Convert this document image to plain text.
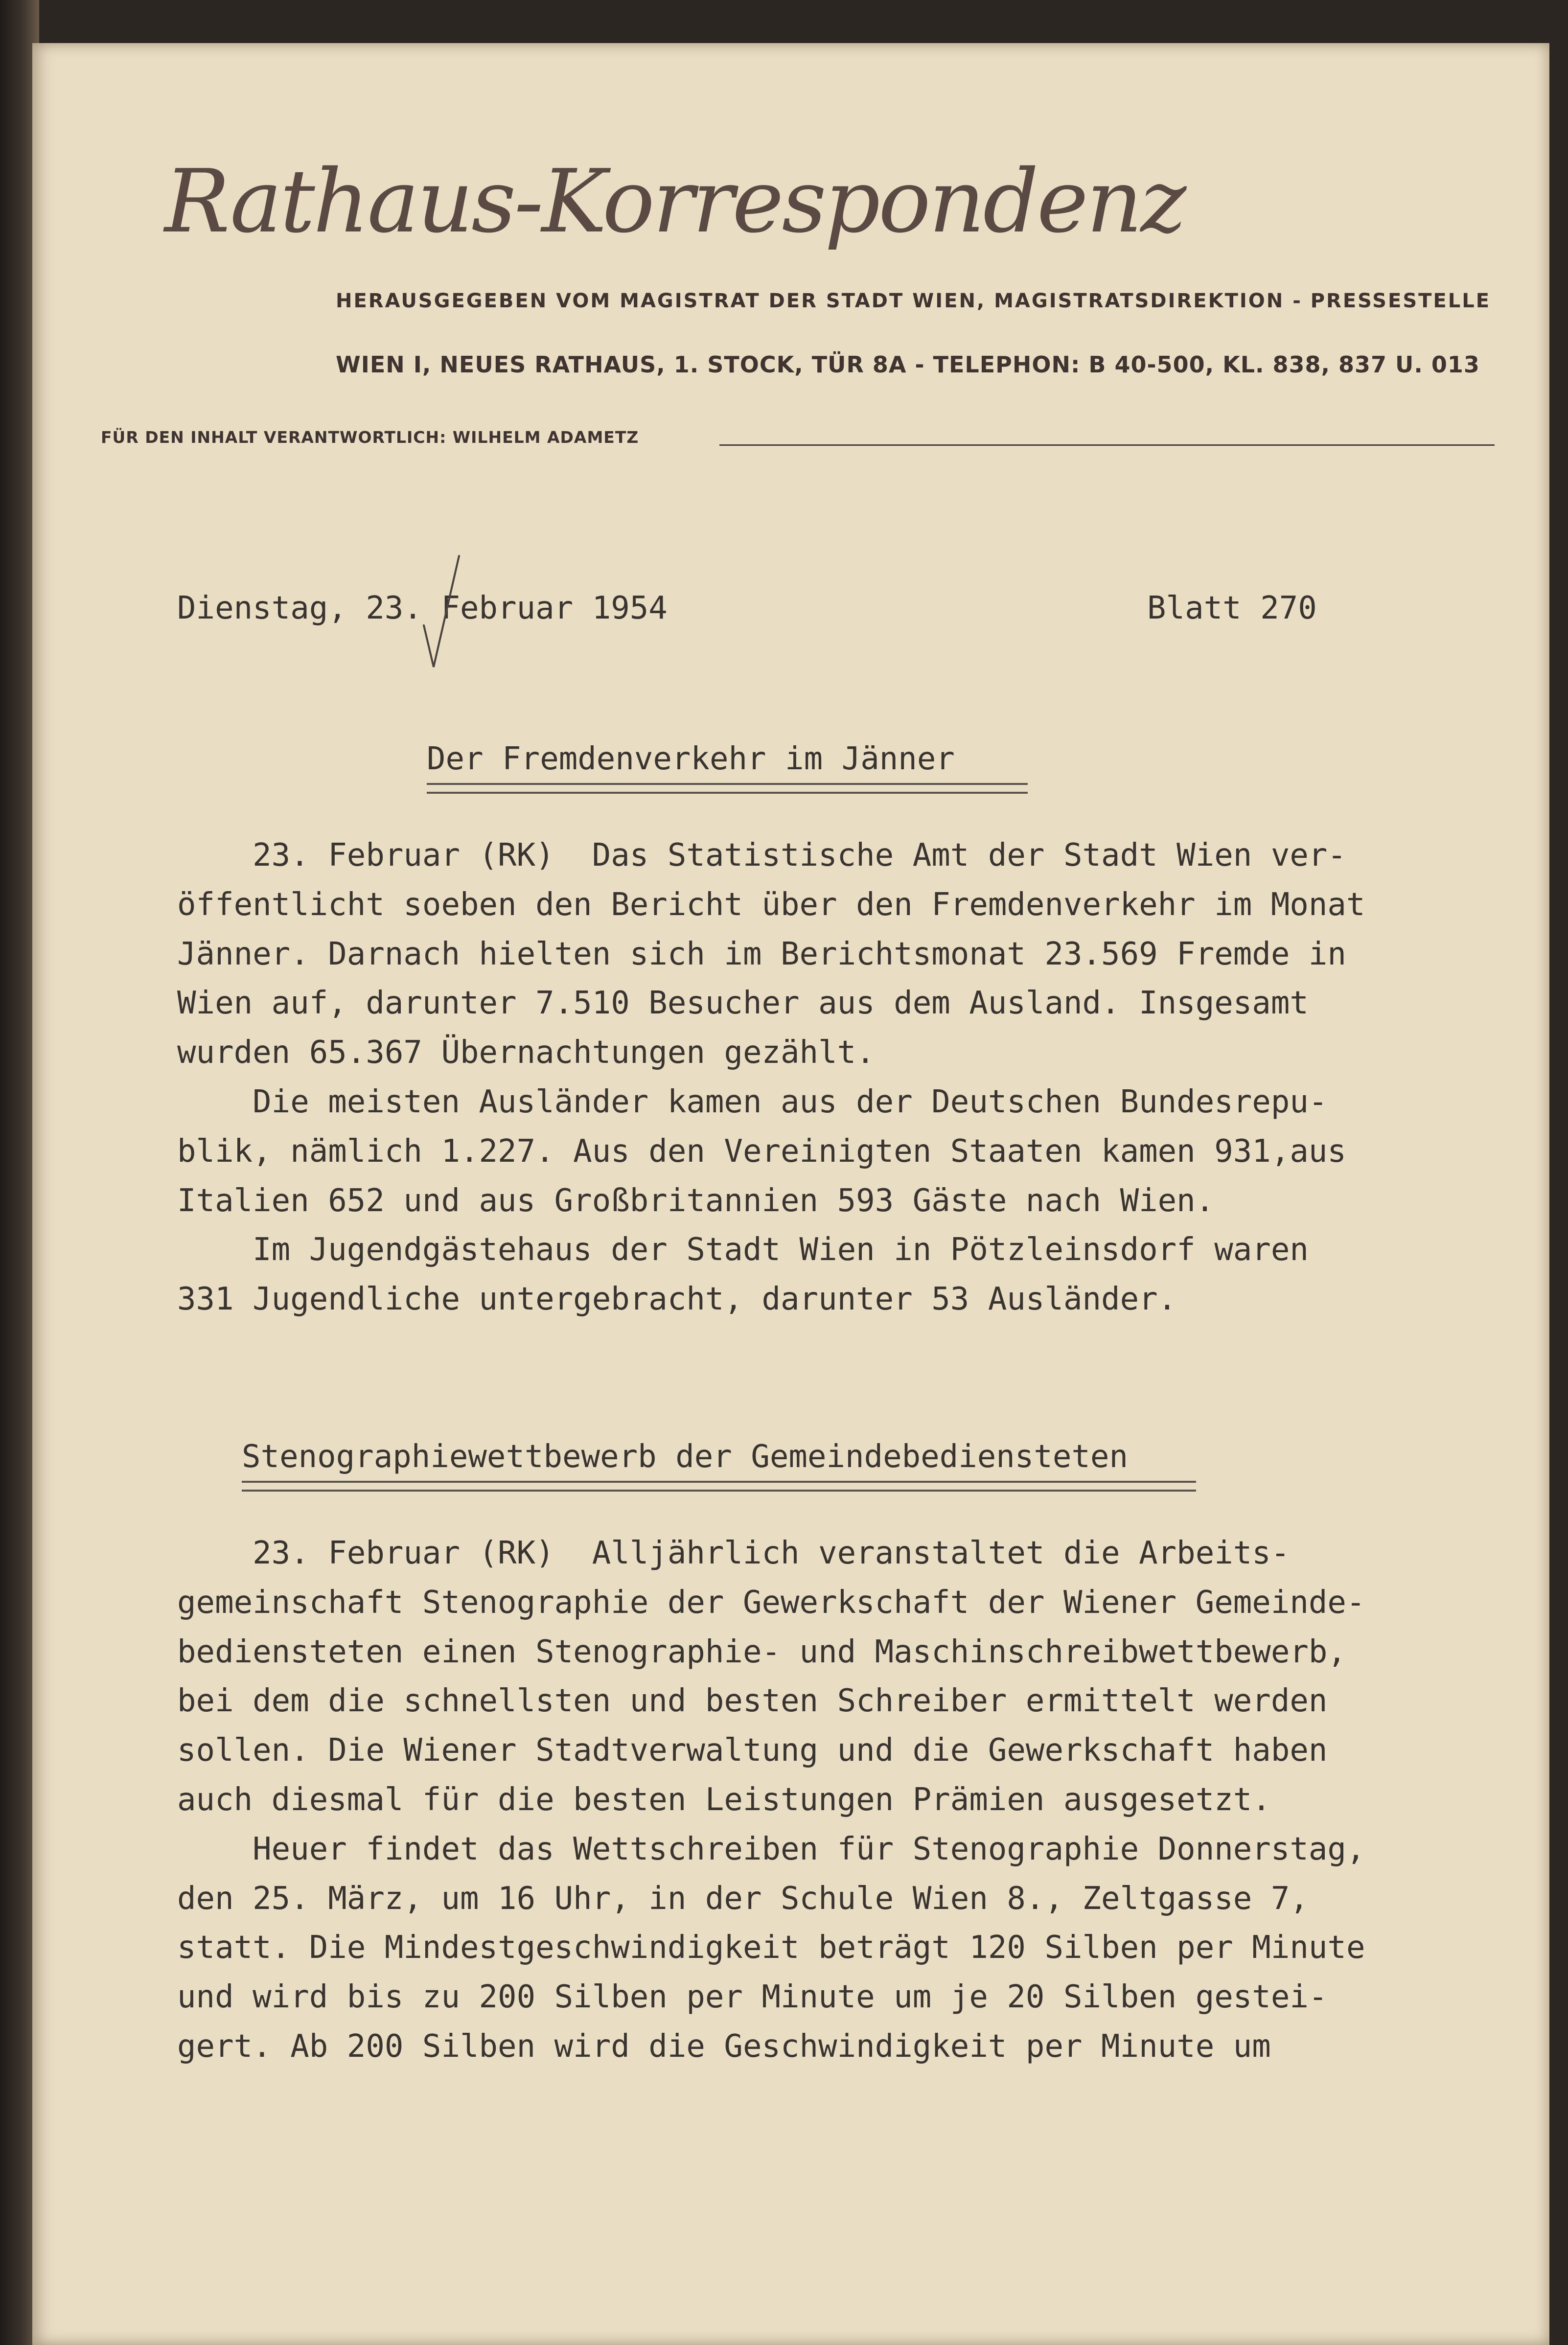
Rathaus-Korrespondenz
HERAUSGEGEBEN VOM MAGISTRAT DER STADT WIEN, MAGISTRATSDIREKTION - PRESSESTELLE
WIEN I, NEUES RATHAUS, 1. STOCK, TÜR 8A - TELEPHON: B 40-500, KL. 838, 837 U. 013
FÜR DEN INHALT VERANTWORTLICH: WILHELM ADAMETZ
Dienstag, 23. Februar 1954	Blatt 270
Der Fremdenverkehr im Jänner
23. Februar (RK)  Das Statistische Amt der Stadt Wien ver-
öffentlicht soeben den Bericht über den Fremdenverkehr im Monat
Jänner. Darnach hielten sich im Berichtsmonat 23.569 Fremde in
Wien auf, darunter 7.510 Besucher aus dem Ausland. Insgesamt
wurden 65.367 Übernachtungen gezählt.
Die meisten Ausländer kamen aus der Deutschen Bundesrepu-
blik, nämlich 1.227. Aus den Vereinigten Staaten kamen 931,aus
Italien 652 und aus Großbritannien 593 Gäste nach Wien.
Im Jugendgästehaus der Stadt Wien in Pötzleinsdorf waren
331 Jugendliche untergebracht, darunter 53 Ausländer.
Stenographiewettbewerb der Gemeindebediensteten
23. Februar (RK)  Alljährlich veranstaltet die Arbeits-
gemeinschaft Stenographie der Gewerkschaft der Wiener Gemeinde-
bediensteten einen Stenographie- und Maschinschreibwettbewerb,
bei dem die schnellsten und besten Schreiber ermittelt werden
sollen. Die Wiener Stadtverwaltung und die Gewerkschaft haben
auch diesmal für die besten Leistungen Prämien ausgesetzt.
Heuer findet das Wettschreiben für Stenographie Donnerstag,
den 25. März, um 16 Uhr, in der Schule Wien 8., Zeltgasse 7,
statt. Die Mindestgeschwindigkeit beträgt 120 Silben per Minute
und wird bis zu 200 Silben per Minute um je 20 Silben gestei-
gert. Ab 200 Silben wird die Geschwindigkeit per Minute um
